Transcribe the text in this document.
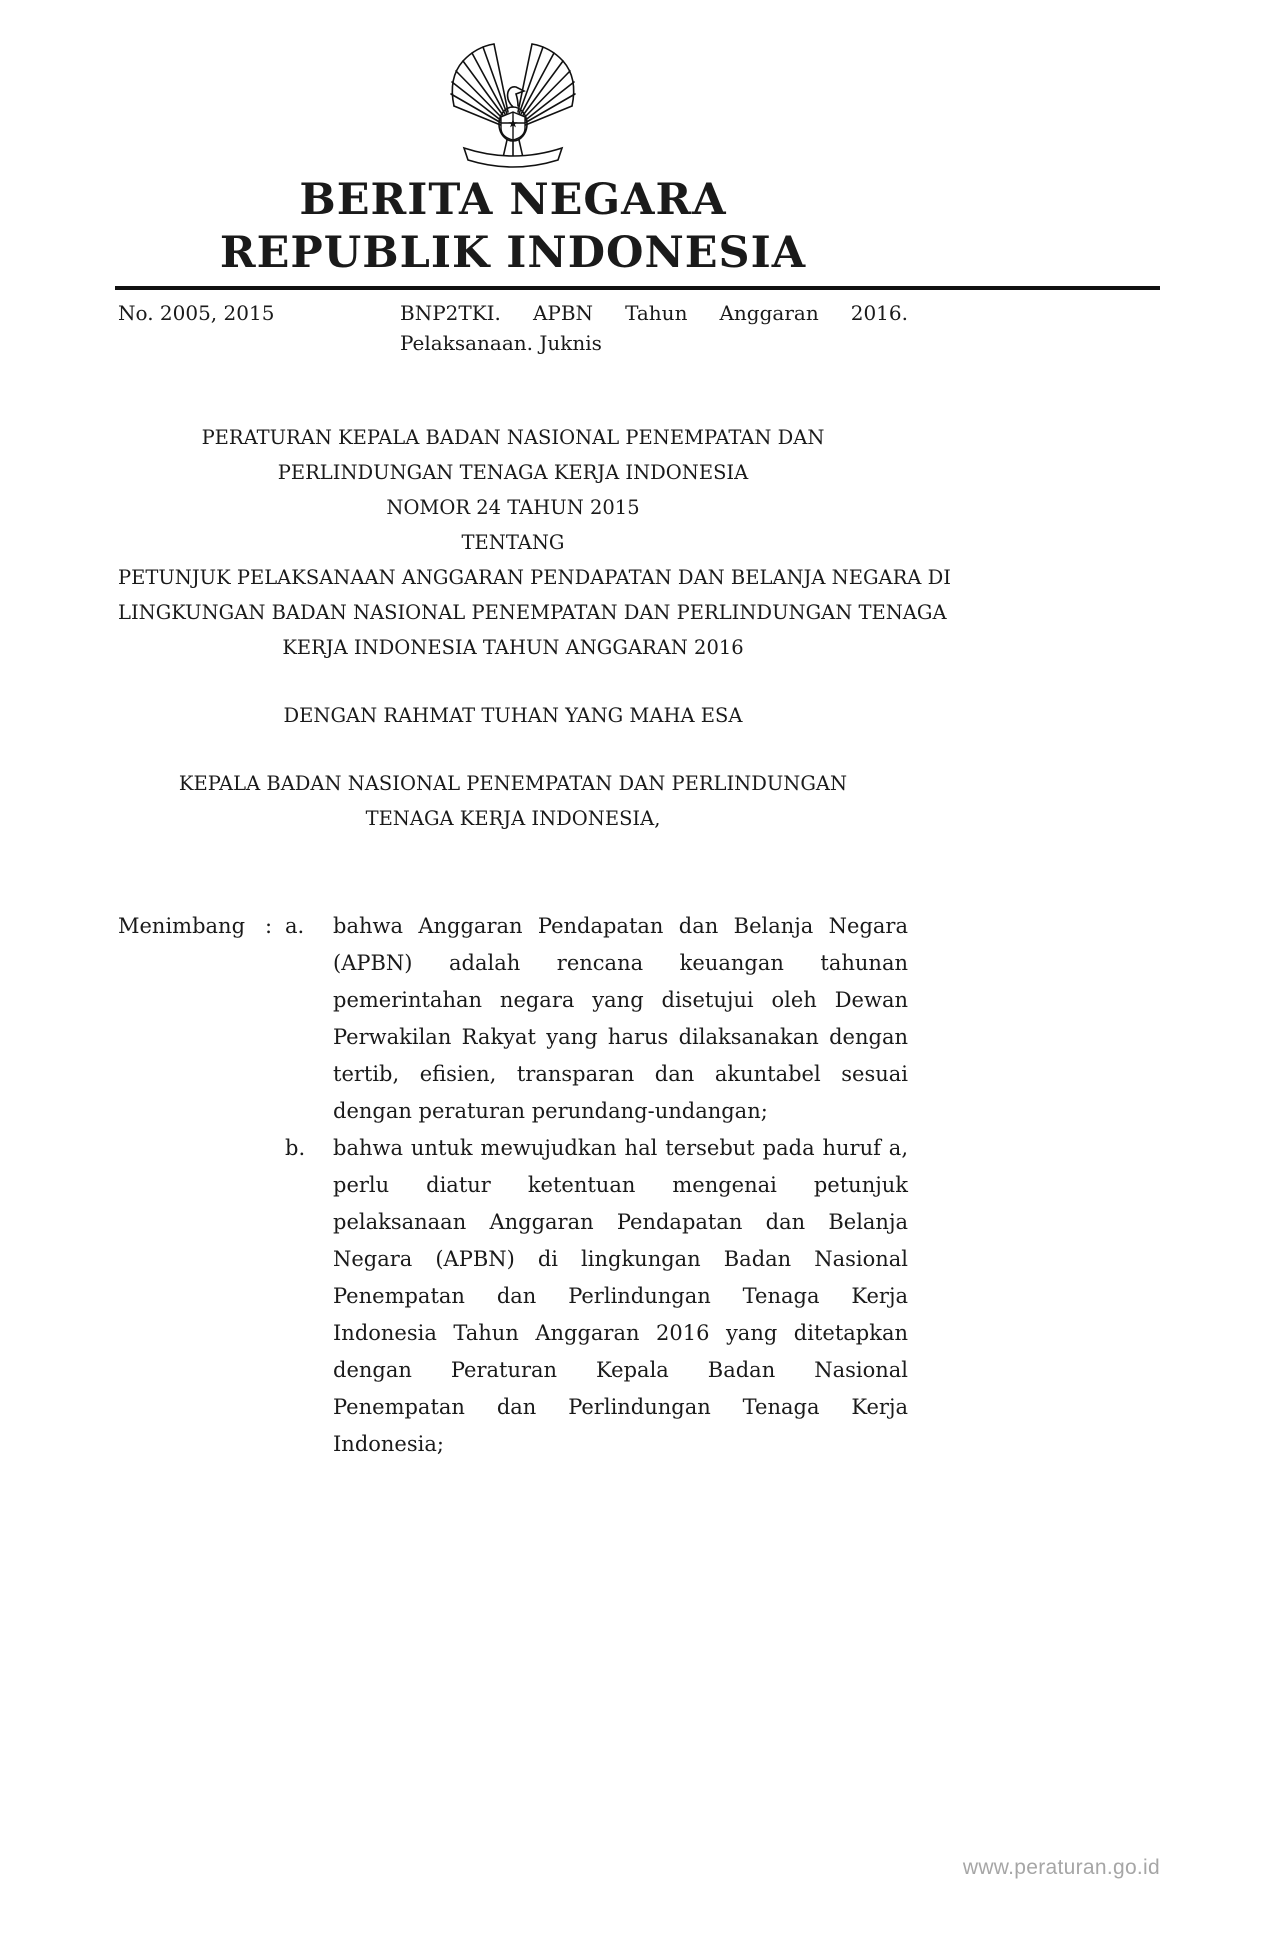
BERITA NEGARA
REPUBLIK INDONESIA
No. 2005, 2015	BNP2TKI. APBN Tahun Anggaran 2016.
Pelaksanaan. Juknis
PERATURAN KEPALA BADAN NASIONAL PENEMPATAN DAN
PERLINDUNGAN TENAGA KERJA INDONESIA
NOMOR 24 TAHUN 2015
TENTANG
PETUNJUK PELAKSANAAN ANGGARAN PENDAPATAN DAN BELANJA NEGARA DI
LINGKUNGAN BADAN NASIONAL PENEMPATAN DAN PERLINDUNGAN TENAGA
KERJA INDONESIA TAHUN ANGGARAN 2016
DENGAN RAHMAT TUHAN YANG MAHA ESA
KEPALA BADAN NASIONAL PENEMPATAN DAN PERLINDUNGAN
TENAGA KERJA INDONESIA,
Menimbang : a.	bahwa Anggaran Pendapatan dan Belanja Negara (APBN) adalah rencana keuangan tahunan pemerintahan negara yang disetujui oleh Dewan Perwakilan Rakyat yang harus dilaksanakan dengan tertib, efisien, transparan dan akuntabel sesuai dengan peraturan perundang-undangan;
b.	bahwa untuk mewujudkan hal tersebut pada huruf a, perlu diatur ketentuan mengenai petunjuk pelaksanaan Anggaran Pendapatan dan Belanja Negara (APBN) di lingkungan Badan Nasional Penempatan dan Perlindungan Tenaga Kerja Indonesia Tahun Anggaran 2016 yang ditetapkan dengan Peraturan Kepala Badan Nasional Penempatan dan Perlindungan Tenaga Kerja Indonesia;
www.peraturan.go.id
